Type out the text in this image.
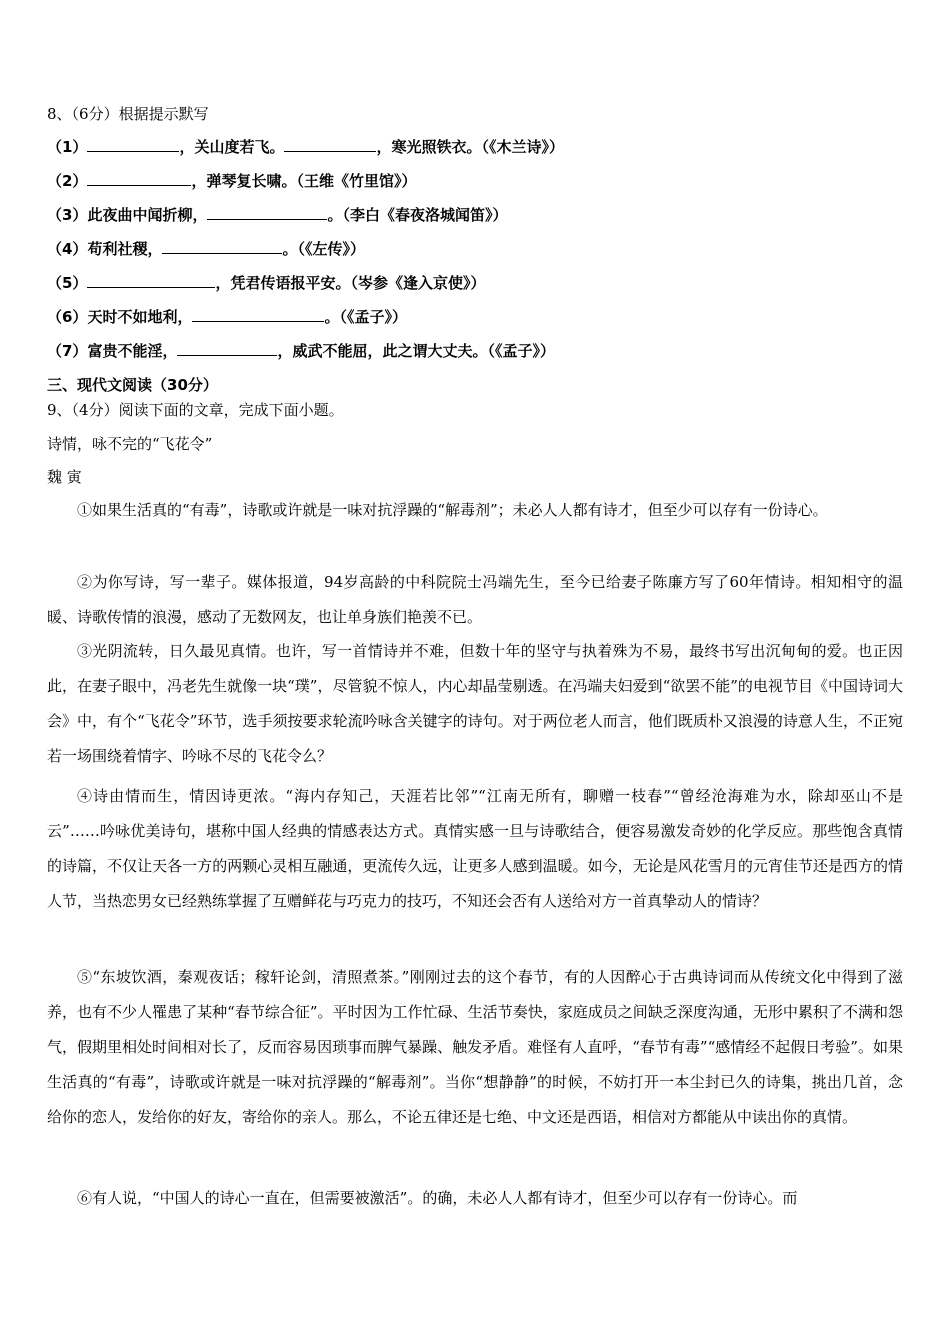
8、（6分）根据提示默写
（1）	，关山度若飞。	，寒光照铁衣。（《木兰诗》）
（2）	，弹琴复长啸。（王维《竹里馆》）
（3）此夜曲中闻折柳，	。（李白《春夜洛城闻笛》）
（4）苟利社稷，	。（《左传》）
（5）	，凭君传语报平安。（岑参《逢入京使》）
（6）天时不如地利，	。（《孟子》）
（7）富贵不能淫，	，威武不能屈，此之谓大丈夫。（《孟子》）
三、现代文阅读（30分）
9、（4分）阅读下面的文章，完成下面小题。
诗情，咏不完的“飞花令”
魏 寅
①如果生活真的“有毒”，诗歌或许就是一味对抗浮躁的“解毒剂”；未必人人都有诗才，但至少可以存有一份诗心。
②为你写诗，写一辈子。媒体报道，94岁高龄的中科院院士冯端先生，至今已给妻子陈廉方写了60年情诗。相知相守的温暖、诗歌传情的浪漫，感动了无数网友，也让单身族们艳羡不已。
③光阴流转，日久最见真情。也许，写一首情诗并不难，但数十年的坚守与执着殊为不易，最终书写出沉甸甸的爱。也正因此，在妻子眼中，冯老先生就像一块“璞”，尽管貌不惊人，内心却晶莹剔透。在冯端夫妇爱到“欲罢不能”的电视节目《中国诗词大会》中，有个“飞花令”环节，选手须按要求轮流吟咏含关键字的诗句。对于两位老人而言，他们既质朴又浪漫的诗意人生，不正宛若一场围绕着情字、吟咏不尽的飞花令么？
④诗由情而生，情因诗更浓。“海内存知己，天涯若比邻”“江南无所有，聊赠一枝春”“曾经沧海难为水，除却巫山不是云”……吟咏优美诗句，堪称中国人经典的情感表达方式。真情实感一旦与诗歌结合，便容易激发奇妙的化学反应。那些饱含真情的诗篇，不仅让天各一方的两颗心灵相互融通，更流传久远，让更多人感到温暖。如今，无论是风花雪月的元宵佳节还是西方的情人节，当热恋男女已经熟练掌握了互赠鲜花与巧克力的技巧，不知还会否有人送给对方一首真挚动人的情诗？
⑤“东坡饮酒，秦观夜话；稼轩论剑，清照煮茶。”刚刚过去的这个春节，有的人因醉心于古典诗词而从传统文化中得到了滋养，也有不少人罹患了某种“春节综合征”。平时因为工作忙碌、生活节奏快，家庭成员之间缺乏深度沟通，无形中累积了不满和怨气，假期里相处时间相对长了，反而容易因琐事而脾气暴躁、触发矛盾。难怪有人直呼，“春节有毒”“感情经不起假日考验”。如果生活真的“有毒”，诗歌或许就是一味对抗浮躁的“解毒剂”。当你“想静静”的时候，不妨打开一本尘封已久的诗集，挑出几首，念给你的恋人，发给你的好友，寄给你的亲人。那么，不论五律还是七绝、中文还是西语，相信对方都能从中读出你的真情。
⑥有人说，“中国人的诗心一直在，但需要被激活”。的确，未必人人都有诗才，但至少可以存有一份诗心。而
